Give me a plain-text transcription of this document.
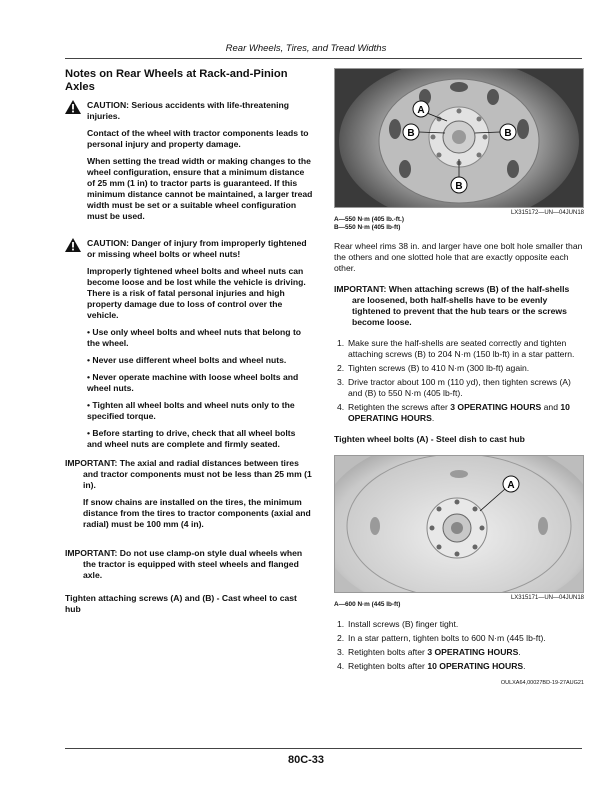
Rear Wheels, Tires, and Tread Widths
Notes on Rear Wheels at Rack-and-Pinion Axles

CAUTION: Serious accidents with life-threatening injuries.

Contact of the wheel with tractor components leads to personal injury and property damage.

When setting the tread width or making changes to the wheel configuration, ensure that a minimum distance of 25 mm (1 in) to tractor parts is guaranteed. If this minimum distance cannot be maintained, a larger tread width must be set or a suitable wheel configuration must be used.

CAUTION: Danger of injury from improperly tightened or missing wheel bolts or wheel nuts!

Improperly tightened wheel bolts and wheel nuts can become loose and be lost while the vehicle is driving. There is a risk of fatal personal injuries and high property damage due to loss of control over the vehicle.

• Use only wheel bolts and wheel nuts that belong to the wheel.

• Never use different wheel bolts and wheel nuts.

• Never operate machine with loose wheel bolts and wheel nuts.

• Tighten all wheel bolts and wheel nuts only to the specified torque.

• Before starting to drive, check that all wheel bolts and wheel nuts are complete and firmly seated.

IMPORTANT: The axial and radial distances between tires and tractor components must not be less than 25 mm (1 in).

If snow chains are installed on the tires, the minimum distance from the tires to tractor components (axial and radial) must be 100 mm (4 in).

IMPORTANT: Do not use clamp-on style dual wheels when the tractor is equipped with steel wheels and flanged axle.

Tighten attaching screws (A) and (B) - Cast wheel to cast hub

A
B	B
B
LX315172—UN—04JUN18
A—550 N·m (405 lb.-ft.)
B—550 N·m (405 lb-ft)

Rear wheel rims 38 in. and larger have one bolt hole smaller than the others and one slotted hole that are exactly opposite each other.

IMPORTANT: When attaching screws (B) of the half-shells are loosened, both half-shells have to be evenly tightened to prevent that the hub tears or the screws become loose.

1. Make sure the half-shells are seated correctly and tighten attaching screws (B) to 204 N·m (150 lb-ft) in a star pattern.
2. Tighten screws (B) to 410 N·m (300 lb-ft) again.
3. Drive tractor about 100 m (110 yd), then tighten screws (A) and (B) to 550 N·m (405 lb-ft).
4. Retighten the screws after 3 OPERATING HOURS and 10 OPERATING HOURS.

Tighten wheel bolts (A) - Steel dish to cast hub

A
LX315171—UN—04JUN18
A—600 N·m (445 lb-ft)
1. Install screws (B) finger tight.
2. In a star pattern, tighten bolts to 600 N·m (445 lb-ft).
3. Retighten bolts after 3 OPERATING HOURS.
4. Retighten bolts after 10 OPERATING HOURS.
OULXA64,00027BD-19-27AUG21
80C-33
